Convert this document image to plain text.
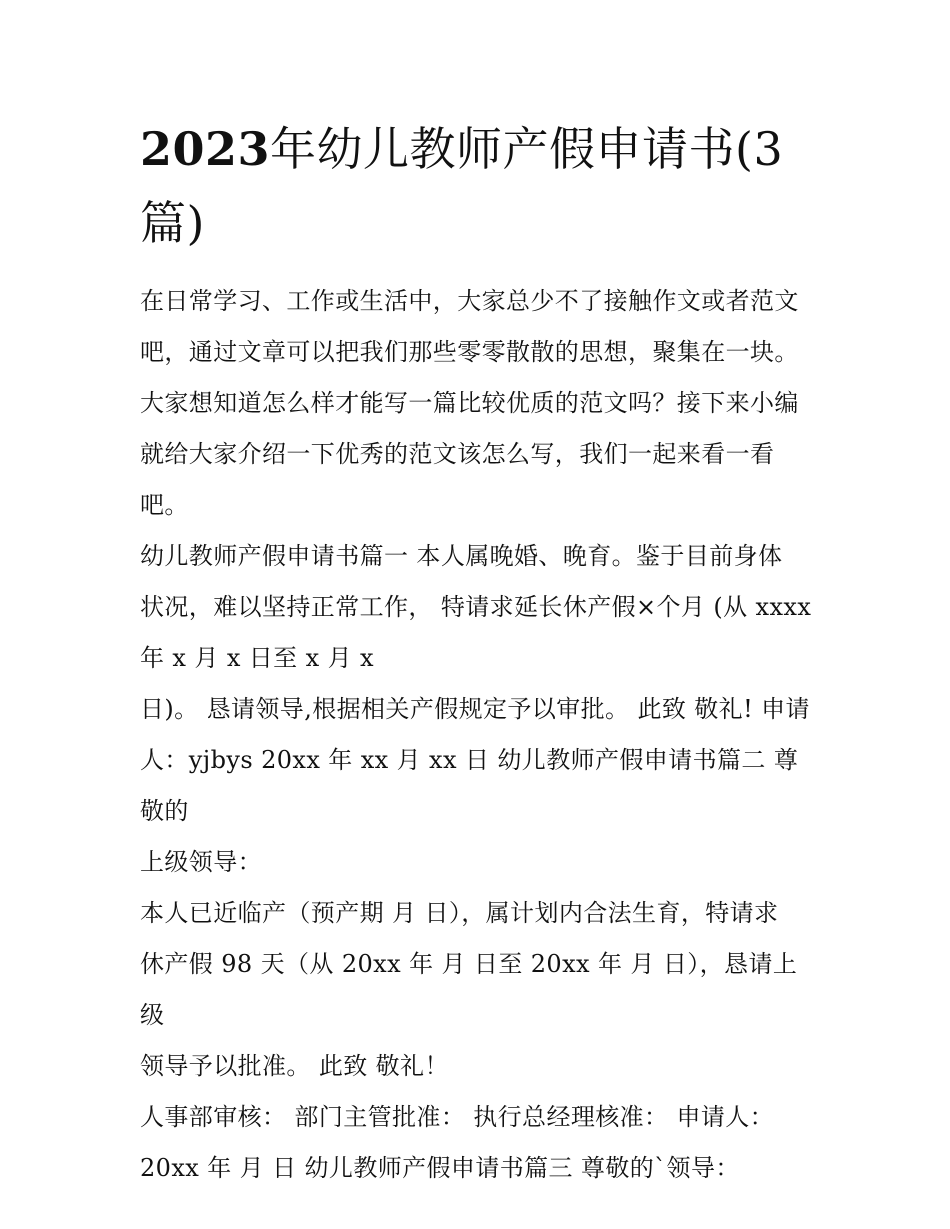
2023年幼儿教师产假申请书(3篇)
在日常学习、工作或生活中，大家总少不了接触作文或者范文
吧，通过文章可以把我们那些零零散散的思想，聚集在一块。
大家想知道怎么样才能写一篇比较优质的范文吗？接下来小编
就给大家介绍一下优秀的范文该怎么写，我们一起来看一看
吧。
幼儿教师产假申请书篇一 本人属晚婚、晚育。鉴于目前身体
状况，难以坚持正常工作， 特请求延长休产假×个月 (从 xxxx
年 x 月 x 日至 x 月 x
日)。 恳请领导,根据相关产假规定予以审批。 此致 敬礼! 申请
人：yjbys 20xx 年 xx 月 xx 日 幼儿教师产假申请书篇二 尊敬的
上级领导：
本人已近临产（预产期 月 日），属计划内合法生育，特请求
休产假 98 天（从 20xx 年 月 日至 20xx 年 月 日），恳请上级
领导予以批准。 此致 敬礼！
人事部审核： 部门主管批准： 执行总经理核准： 申请人：
20xx 年 月 日 幼儿教师产假申请书篇三 尊敬的`领导：
